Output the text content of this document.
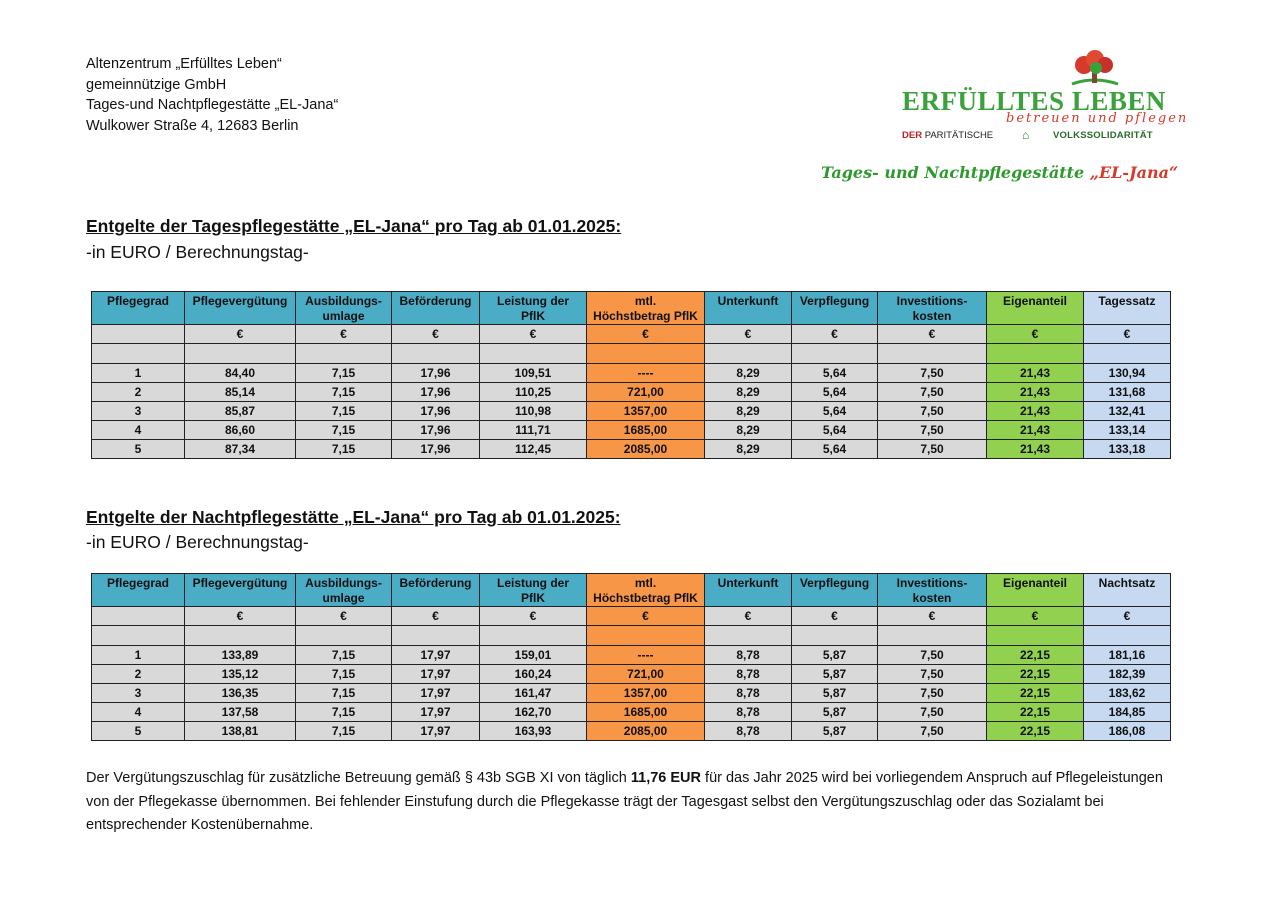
Altenzentrum „Erfülltes Leben“
gemeinnützige GmbH
Tages-und Nachtpflegestätte „EL-Jana“
Wulkower Straße 4, 12683 Berlin
ERFÜLLTES LEBEN
betreuen und pflegen
DER PARITÄTISCHE ⌂	VOLKSSOLIDARITÄT
Tages- und Nachtpflegestätte „EL-Jana“
Entgelte der Tagespflegestätte „EL-Jana“ pro Tag ab 01.01.2025:
-in EURO / Berechnungstag-
Pflegegrad	Pflegevergütung	Ausbildungs-
umlage	Beförderung	Leistung der
PflK	mtl.
Höchstbetrag PflK	Unterkunft	Verpflegung	Investitions-
kosten	Eigenanteil	Tagessatz
	€	€	€	€	€	€	€	€	€	€

1	84,40	7,15	17,96	109,51	----	8,29	5,64	7,50	21,43	130,94
2	85,14	7,15	17,96	110,25	721,00	8,29	5,64	7,50	21,43	131,68
3	85,87	7,15	17,96	110,98	1357,00	8,29	5,64	7,50	21,43	132,41
4	86,60	7,15	17,96	111,71	1685,00	8,29	5,64	7,50	21,43	133,14
5	87,34	7,15	17,96	112,45	2085,00	8,29	5,64	7,50	21,43	133,18
Entgelte der Nachtpflegestätte „EL-Jana“ pro Tag ab 01.01.2025:
-in EURO / Berechnungstag-
Pflegegrad	Pflegevergütung	Ausbildungs-
umlage	Beförderung	Leistung der
PflK	mtl.
Höchstbetrag PflK	Unterkunft	Verpflegung	Investitions-
kosten	Eigenanteil	Nachtsatz
	€	€	€	€	€	€	€	€	€	€

1	133,89	7,15	17,97	159,01	----	8,78	5,87	7,50	22,15	181,16
2	135,12	7,15	17,97	160,24	721,00	8,78	5,87	7,50	22,15	182,39
3	136,35	7,15	17,97	161,47	1357,00	8,78	5,87	7,50	22,15	183,62
4	137,58	7,15	17,97	162,70	1685,00	8,78	5,87	7,50	22,15	184,85
5	138,81	7,15	17,97	163,93	2085,00	8,78	5,87	7,50	22,15	186,08
Der Vergütungszuschlag für zusätzliche Betreuung gemäß § 43b SGB XI von täglich 11,76 EUR für das Jahr 2025 wird bei vorliegendem Anspruch auf Pflegeleistungen von der Pflegekasse übernommen. Bei fehlender Einstufung durch die Pflegekasse trägt der Tagesgast selbst den Vergütungszuschlag oder das Sozialamt bei entsprechender Kostenübernahme.
